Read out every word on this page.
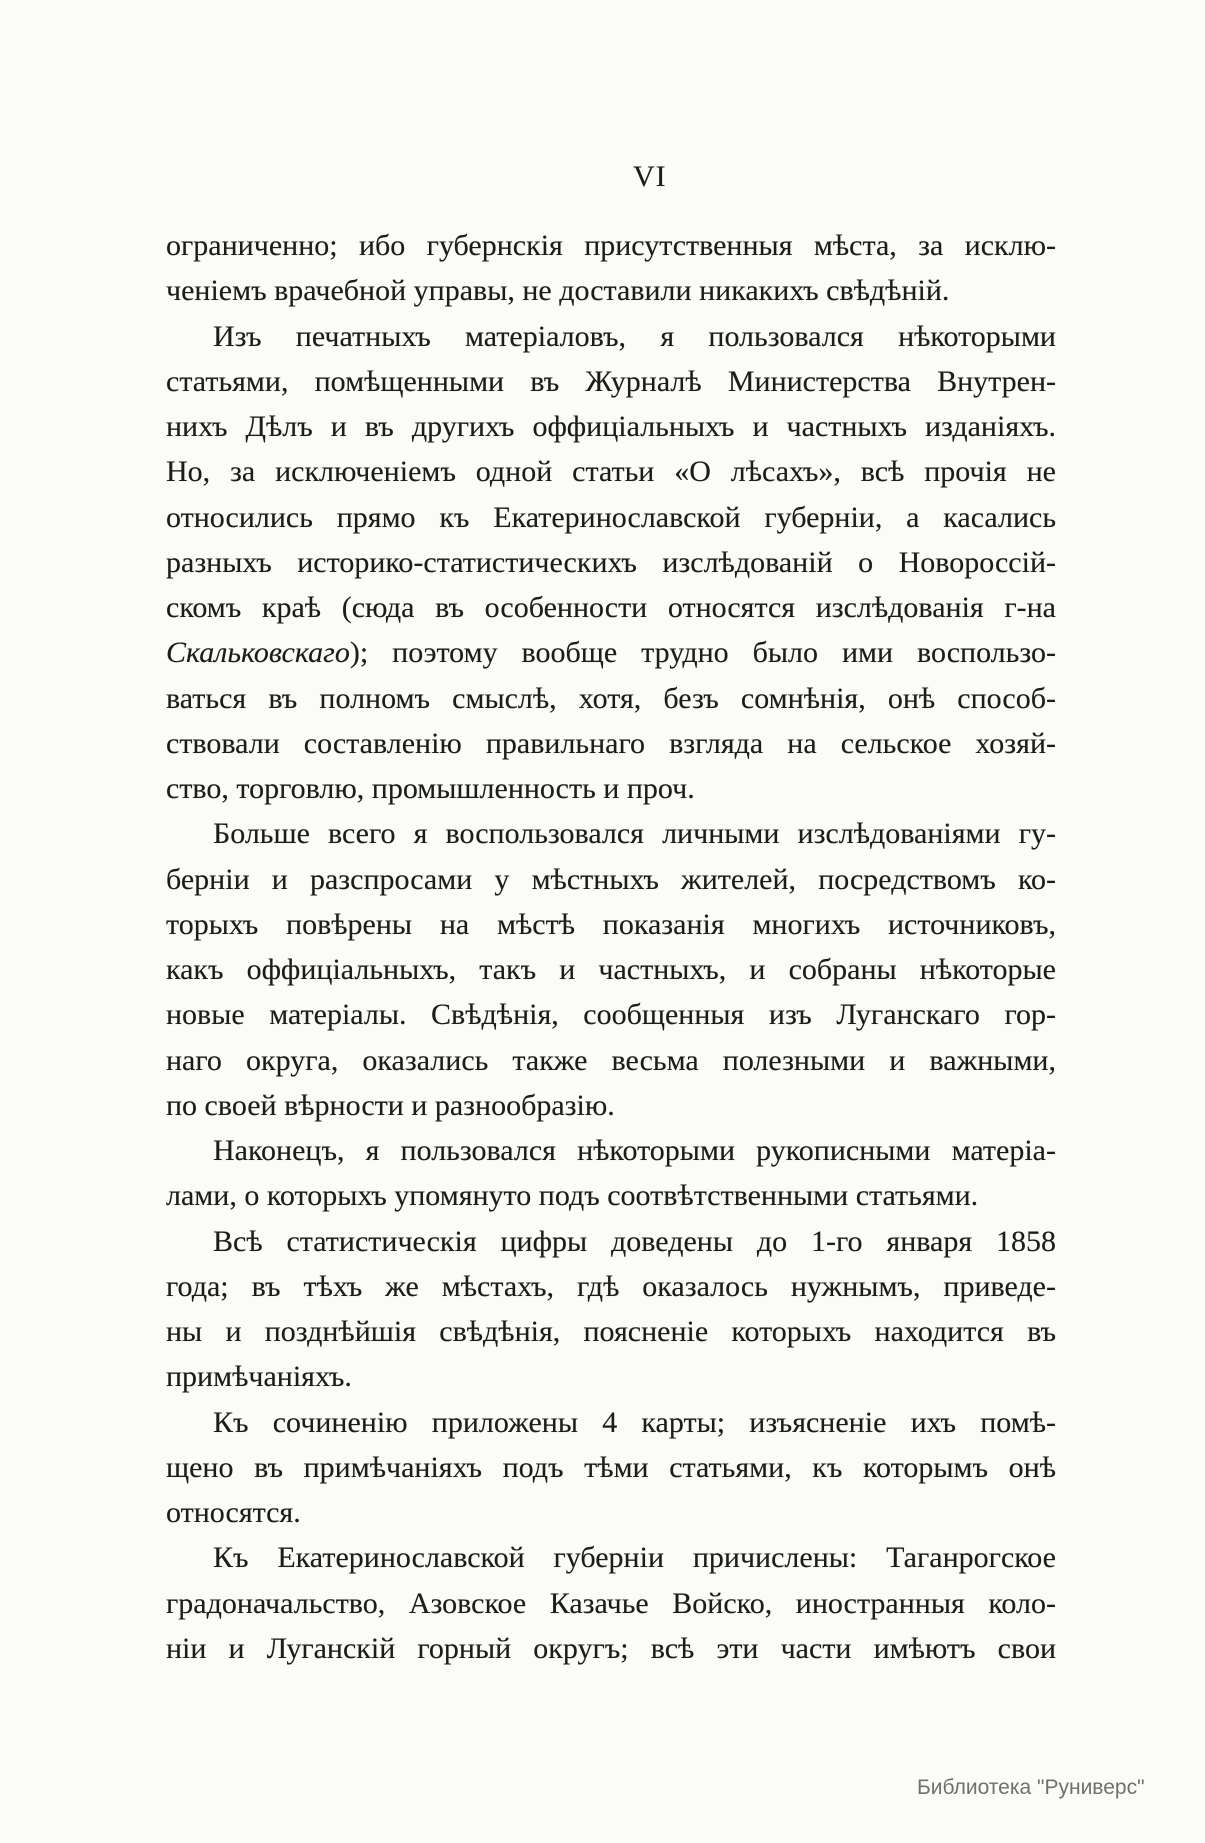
VI
ограниченно; ибо губернскія присутственныя мѣста, за исклю-
ченіемъ врачебной управы, не доставили никакихъ свѣдѣній.
Изъ печатныхъ матеріаловъ, я пользовался нѣкоторыми
статьями, помѣщенными въ Журналѣ Министерства Внутрен-
нихъ Дѣлъ и въ другихъ оффиціальныхъ и частныхъ изданіяхъ.
Но, за исключеніемъ одной статьи «О лѣсахъ», всѣ прочія не
относились прямо къ Екатеринославской губерніи, а касались
разныхъ историко-статистическихъ изслѣдованій о Новороссій-
скомъ краѣ (сюда въ особенности относятся изслѣдованія г-на
Скальковскаго); поэтому вообще трудно было ими воспользо-
ваться въ полномъ смыслѣ, хотя, безъ сомнѣнія, онѣ способ-
ствовали составленію правильнаго взгляда на сельское хозяй-
ство, торговлю, промышленность и проч.
Больше всего я воспользовался личными изслѣдованіями гу-
берніи и разспросами у мѣстныхъ жителей, посредствомъ ко-
торыхъ повѣрены на мѣстѣ показанія многихъ источниковъ,
какъ оффиціальныхъ, такъ и частныхъ, и собраны нѣкоторые
новые матеріалы. Свѣдѣнія, сообщенныя изъ Луганскаго гор-
наго округа, оказались также весьма полезными и важными,
по своей вѣрности и разнообразію.
Наконецъ, я пользовался нѣкоторыми рукописными матеріа-
лами, о которыхъ упомянуто подъ соотвѣтственными статьями.
Всѣ статистическія цифры доведены до 1-го января 1858
года; въ тѣхъ же мѣстахъ, гдѣ оказалось нужнымъ, приведе-
ны и позднѣйшія свѣдѣнія, поясненіе которыхъ находится въ
примѣчаніяхъ.
Къ сочиненію приложены 4 карты; изъясненіе ихъ помѣ-
щено въ примѣчаніяхъ подъ тѣми статьями, къ которымъ онѣ
относятся.
Къ Екатеринославской губерніи причислены: Таганрогское
градоначальство, Азовское Казачье Войско, иностранныя коло-
ніи и Луганскій горный округъ; всѣ эти части имѣютъ свои
Библиотека "Руниверс"
